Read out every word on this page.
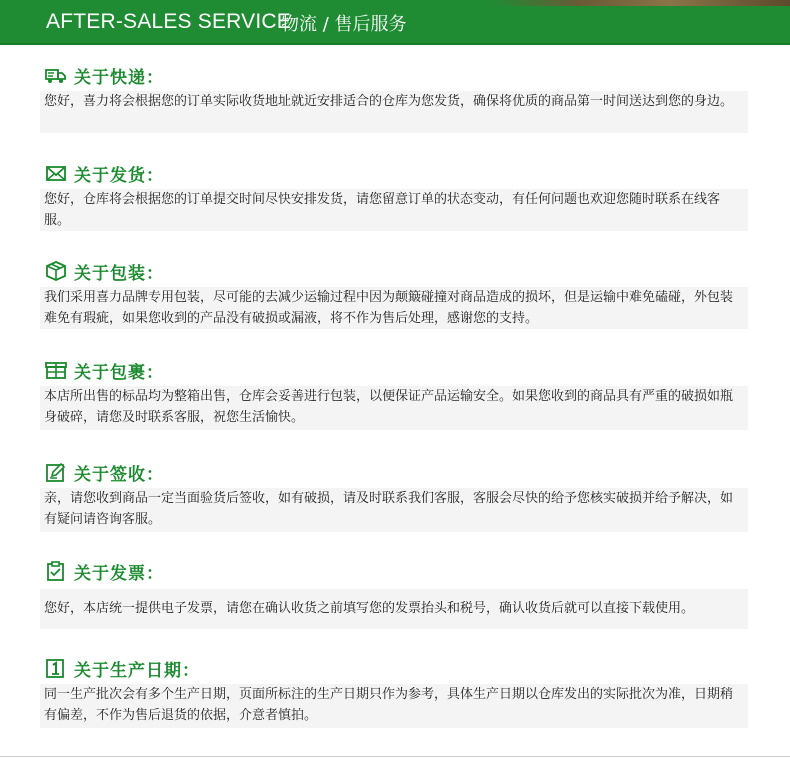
AFTER-SALES SERVICE
物流 / 售后服务
关于快递：
您好，喜力将会根据您的订单实际收货地址就近安排适合的仓库为您发货，确保将优质的商品第一时间送达到您的身边。
关于发货：
您好，仓库将会根据您的订单提交时间尽快安排发货，请您留意订单的状态变动，有任何问题也欢迎您随时联系在线客服。
关于包装：
我们采用喜力品牌专用包装，尽可能的去减少运输过程中因为颠簸碰撞对商品造成的损坏，但是运输中难免磕碰，外包装难免有瑕疵，如果您收到的产品没有破损或漏液，将不作为售后处理，感谢您的支持。
关于包裹：
本店所出售的标品均为整箱出售，仓库会妥善进行包装，以便保证产品运输安全。如果您收到的商品具有严重的破损如瓶身破碎，请您及时联系客服，祝您生活愉快。
关于签收：
亲，请您收到商品一定当面验货后签收，如有破损，请及时联系我们客服，客服会尽快的给予您核实破损并给予解决，如有疑问请咨询客服。
关于发票：
您好，本店统一提供电子发票，请您在确认收货之前填写您的发票抬头和税号，确认收货后就可以直接下载使用。
关于生产日期：
同一生产批次会有多个生产日期，页面所标注的生产日期只作为参考，具体生产日期以仓库发出的实际批次为准，日期稍有偏差，不作为售后退货的依据，介意者慎拍。
